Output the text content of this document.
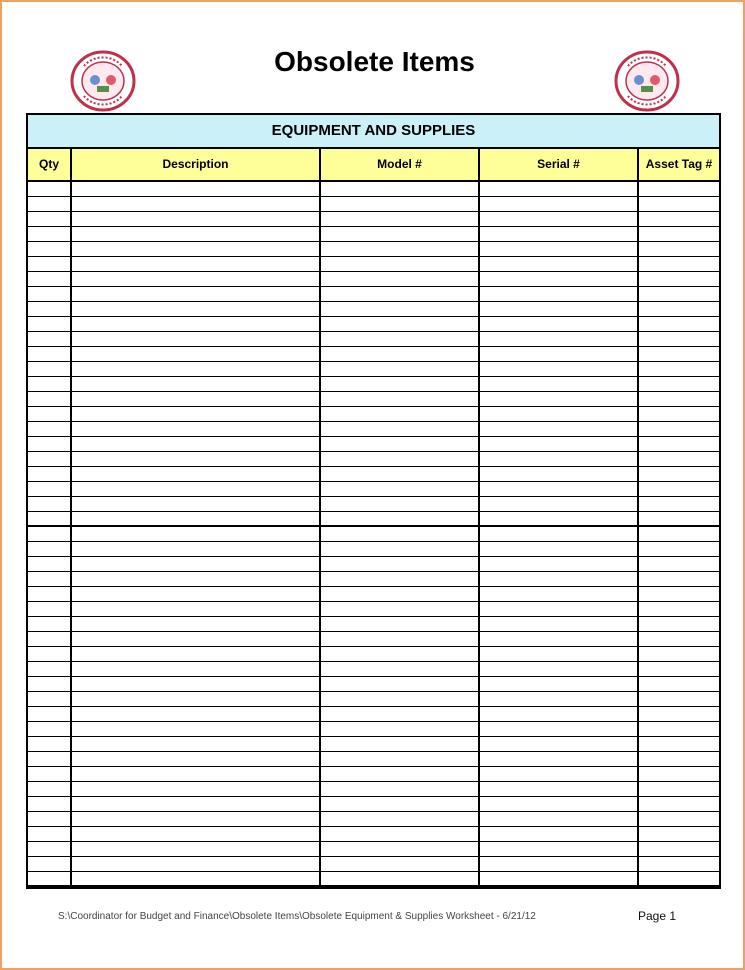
Obsolete Items
EQUIPMENT AND SUPPLIES
Qty	Description	Model #	Serial #	Asset Tag #
S:\Coordinator for Budget and Finance\Obsolete Items\Obsolete Equipment & Supplies Worksheet - 6/21/12	Page 1
